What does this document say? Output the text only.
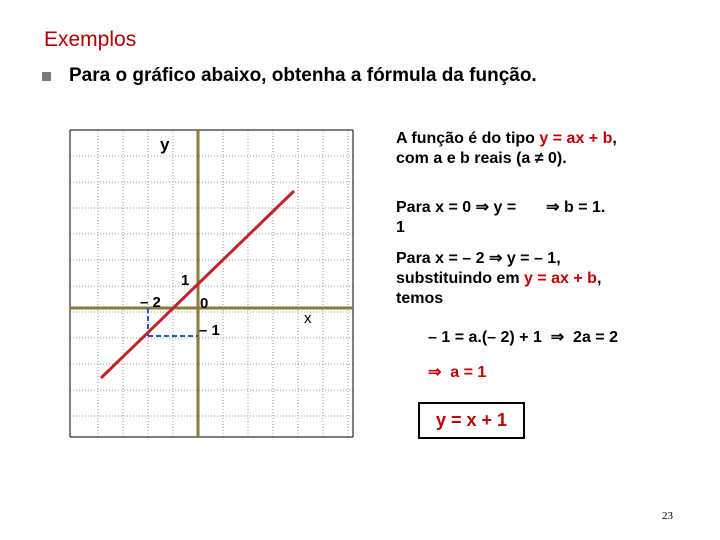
Exemplos
Para o gráfico abaixo, obtenha a fórmula da função.
y
x
0
1
– 2
– 1
A função é do tipo y = ax + b,
com a e b reais (a ≠ 0).
Para x = 0 ⇒ y = ⇒ b = 1.
1
Para x = – 2 ⇒ y = – 1,
substituindo em y = ax + b,
temos
– 1 = a.(– 2) + 1  ⇒  2a = 2
⇒  a = 1
y = x + 1
23
